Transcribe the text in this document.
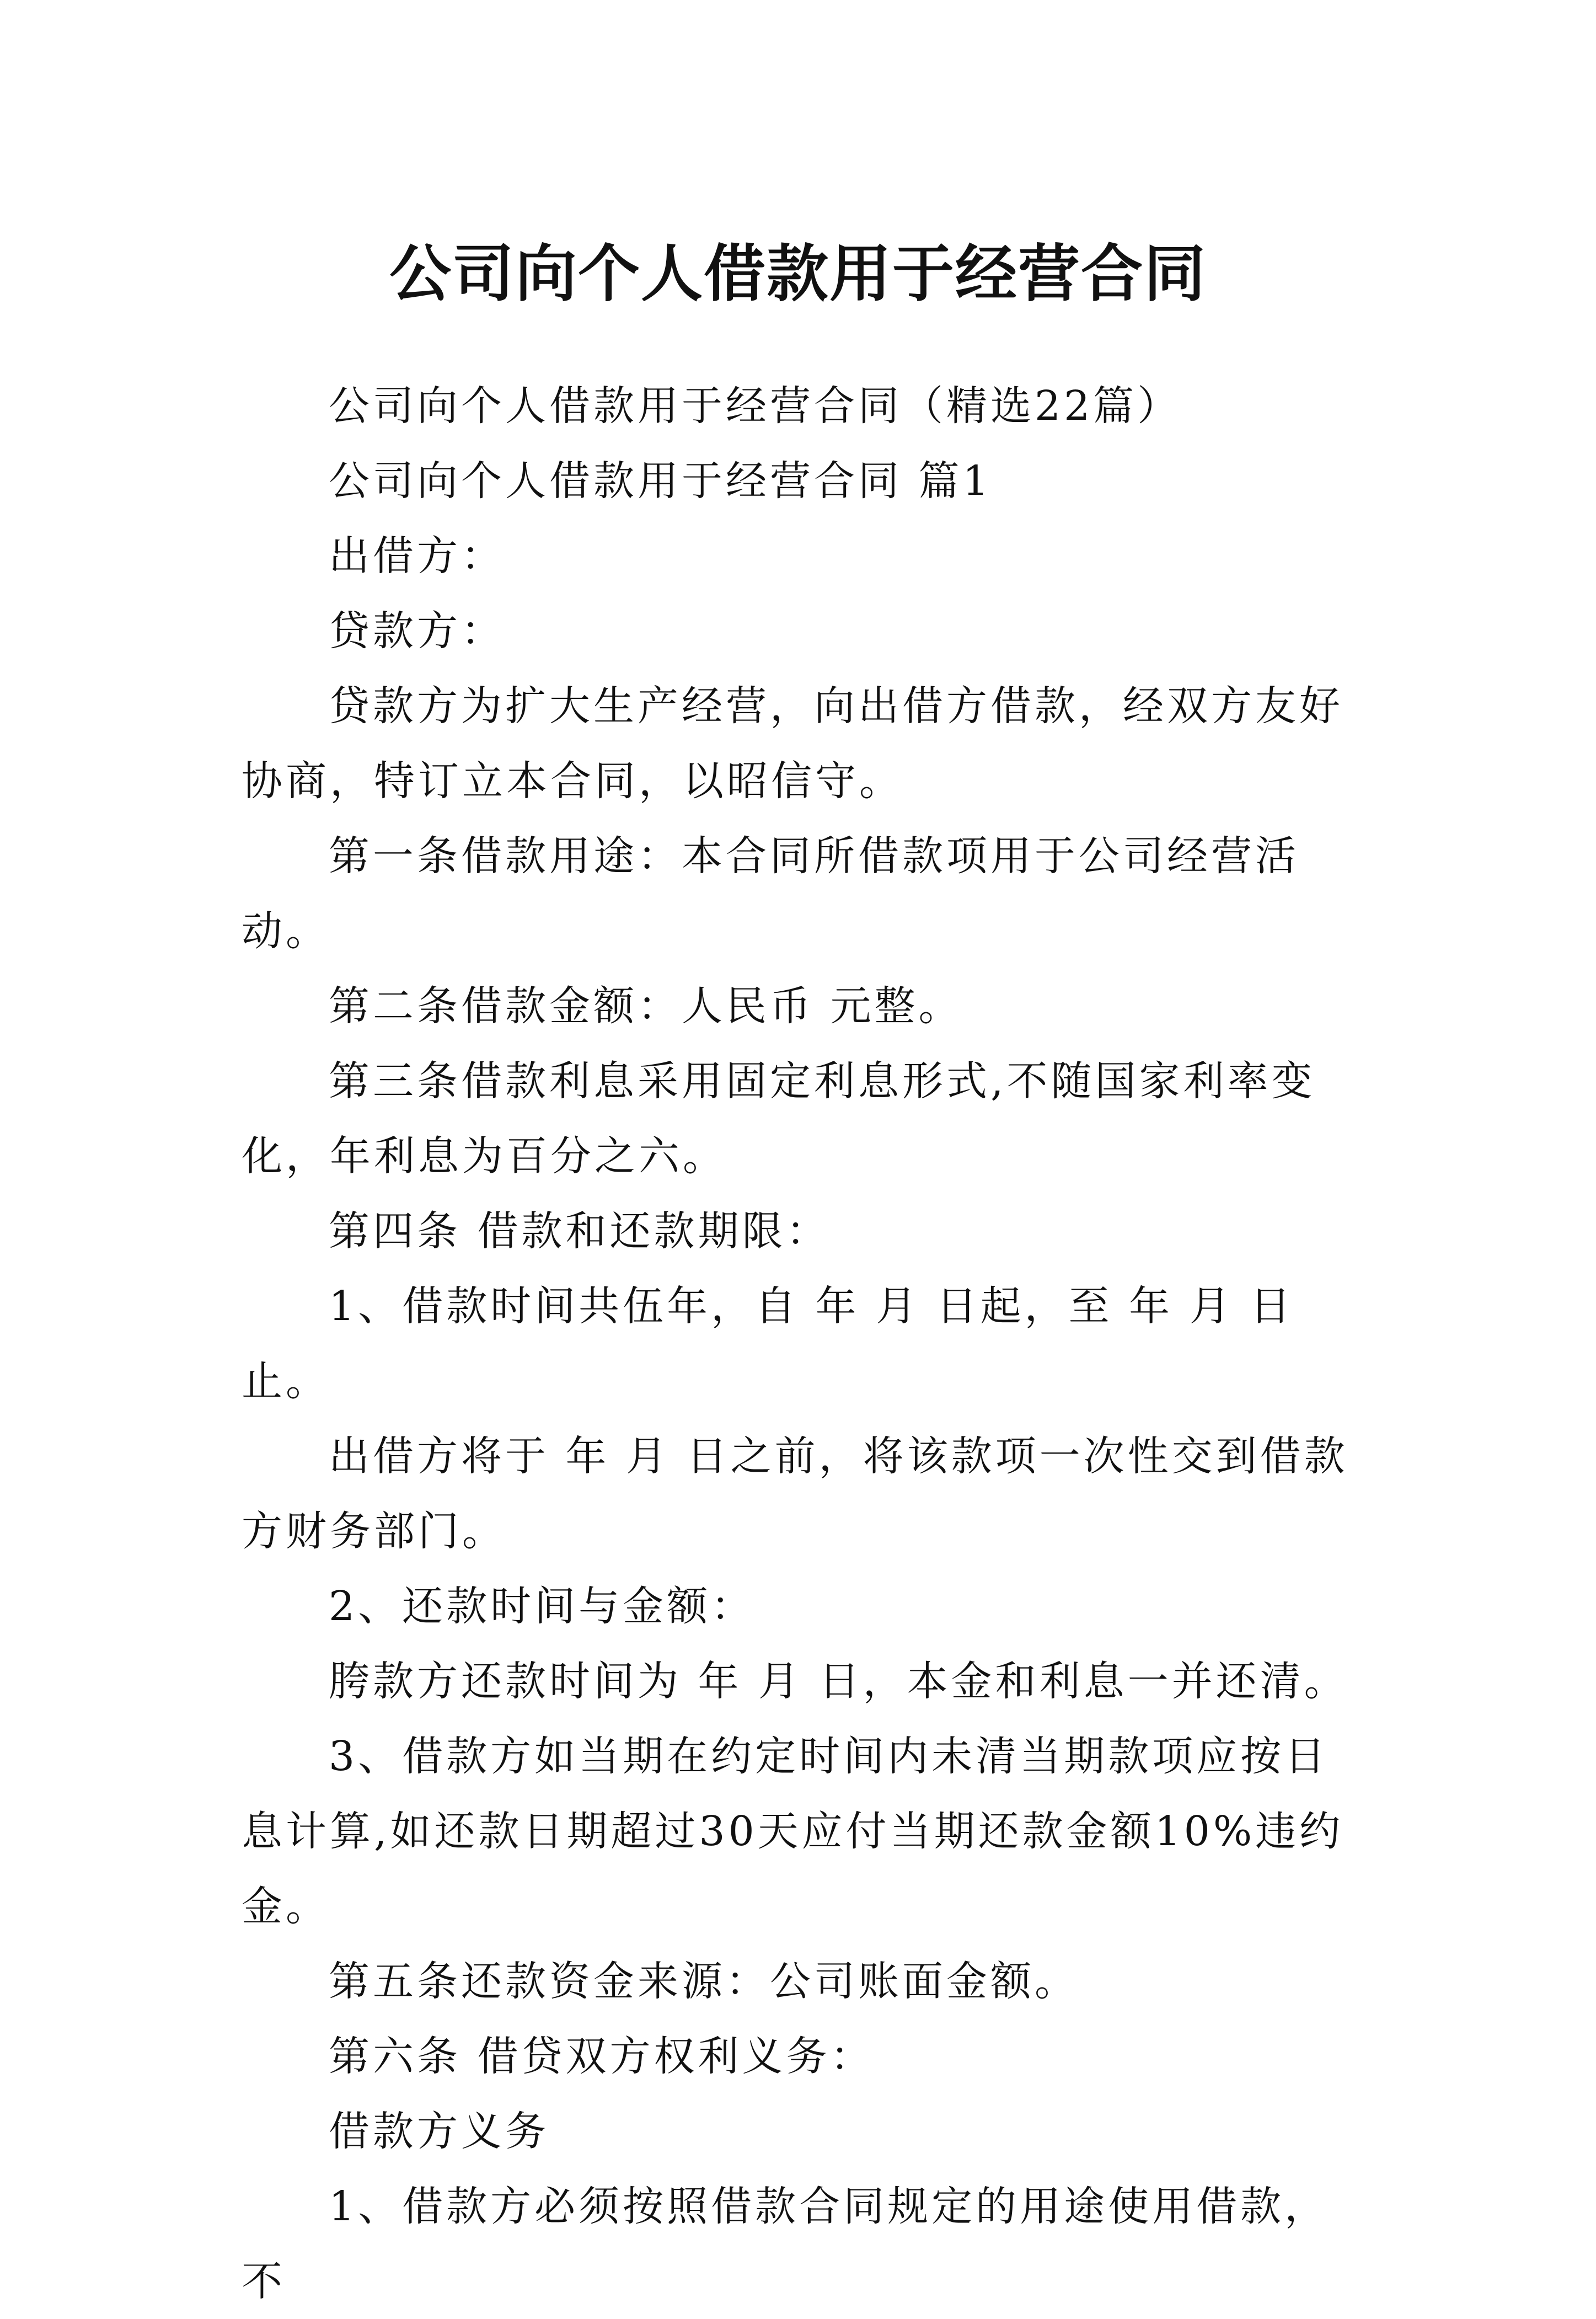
公司向个人借款用于经营合同

公司向个人借款用于经营合同（精选22篇）

公司向个人借款用于经营合同 篇1

出借方：

贷款方：

贷款方为扩大生产经营，向出借方借款，经双方友好协商，特订立本合同，以昭信守。

第一条借款用途：本合同所借款项用于公司经营活动。

第二条借款金额：人民币 元整。

第三条借款利息采用固定利息形式,不随国家利率变化，年利息为百分之六。

第四条 借款和还款期限：

1、借款时间共伍年，自 年 月 日起，至 年 月 日止。

出借方将于 年 月 日之前，将该款项一次性交到借款方财务部门。

2、还款时间与金额：

胯款方还款时间为 年 月 日，本金和利息一并还清。

3、借款方如当期在约定时间内未清当期款项应按日息计算,如还款日期超过30天应付当期还款金额10%违约金。

第五条还款资金来源：公司账面金额。

第六条 借贷双方权利义务：

借款方义务

1、借款方必须按照借款合同规定的用途使用借款，不
